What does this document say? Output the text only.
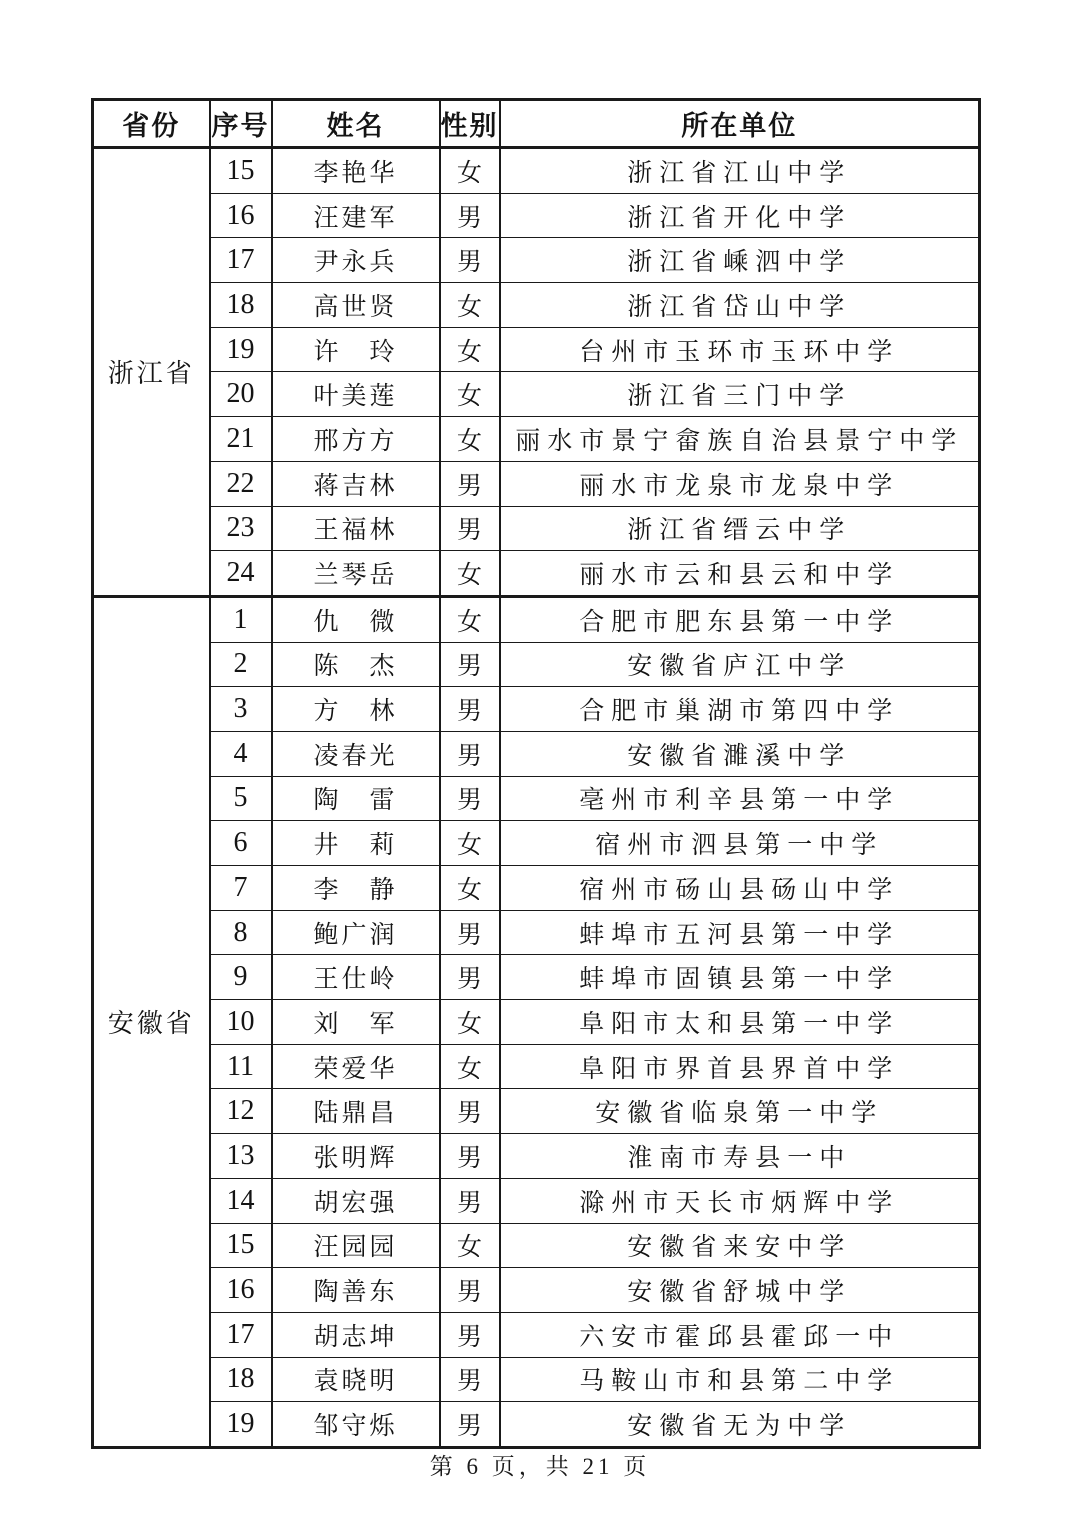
省份	序号	姓名	性别	所在单位
浙江省	15	李艳华	女	浙江省江山中学
	16	汪建军	男	浙江省开化中学
	17	尹永兵	男	浙江省嵊泗中学
	18	高世贤	女	浙江省岱山中学
	19	许　玲	女	台州市玉环市玉环中学
	20	叶美莲	女	浙江省三门中学
	21	邢方方	女	丽水市景宁畲族自治县景宁中学
	22	蒋吉林	男	丽水市龙泉市龙泉中学
	23	王福林	男	浙江省缙云中学
	24	兰琴岳	女	丽水市云和县云和中学
安徽省	1	仇　微	女	合肥市肥东县第一中学
	2	陈　杰	男	安徽省庐江中学
	3	方　林	男	合肥市巢湖市第四中学
	4	凌春光	男	安徽省濉溪中学
	5	陶　雷	男	亳州市利辛县第一中学
	6	井　莉	女	宿州市泗县第一中学
	7	李　静	女	宿州市砀山县砀山中学
	8	鲍广润	男	蚌埠市五河县第一中学
	9	王仕岭	男	蚌埠市固镇县第一中学
	10	刘　军	女	阜阳市太和县第一中学
	11	荣爱华	女	阜阳市界首县界首中学
	12	陆鼎昌	男	安徽省临泉第一中学
	13	张明辉	男	淮南市寿县一中
	14	胡宏强	男	滁州市天长市炳辉中学
	15	汪园园	女	安徽省来安中学
	16	陶善东	男	安徽省舒城中学
	17	胡志坤	男	六安市霍邱县霍邱一中
	18	袁晓明	男	马鞍山市和县第二中学
	19	邹守烁	男	安徽省无为中学
第 6 页，共 21 页
